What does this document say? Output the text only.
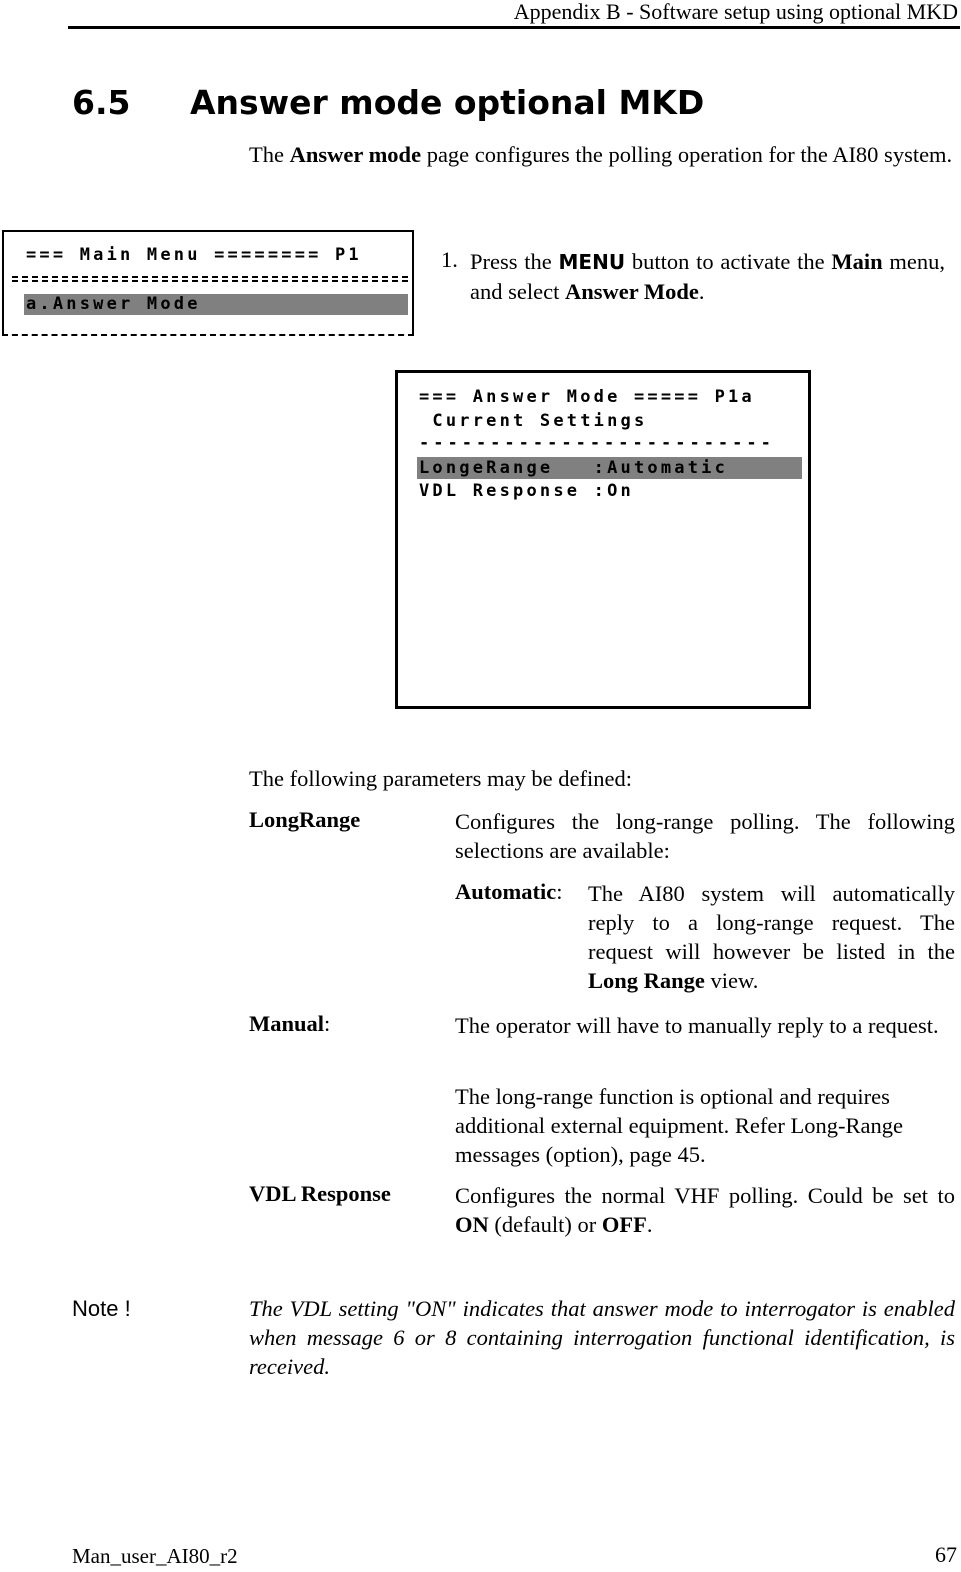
Appendix B - Software setup using optional MKD
6.5 Answer mode optional MKD
The Answer mode page configures the polling operation for the AI80 system.
=== Main Menu ======== P1
a.Answer Mode
1. Press the MENU button to activate the Main menu, and select Answer Mode.
=== Answer Mode ===== P1a
Current Settings
-------------------------
LongeRange   :Automatic
VDL Response :On
The following parameters may be defined:
LongRange	Configures the long-range polling. The following selections are available:
Automatic: The AI80 system will automatically reply to a long-range request. The request will however be listed in the Long Range view.
Manual:	The operator will have to manually reply to a request.
The long-range function is optional and requires additional external equipment. Refer Long-Range messages (option), page 45.
VDL Response	Configures the normal VHF polling. Could be set to ON (default) or OFF.
Note !	The VDL setting "ON" indicates that answer mode to interrogator is enabled when message 6 or 8 containing interrogation functional identification, is received.
Man_user_AI80_r2	67
